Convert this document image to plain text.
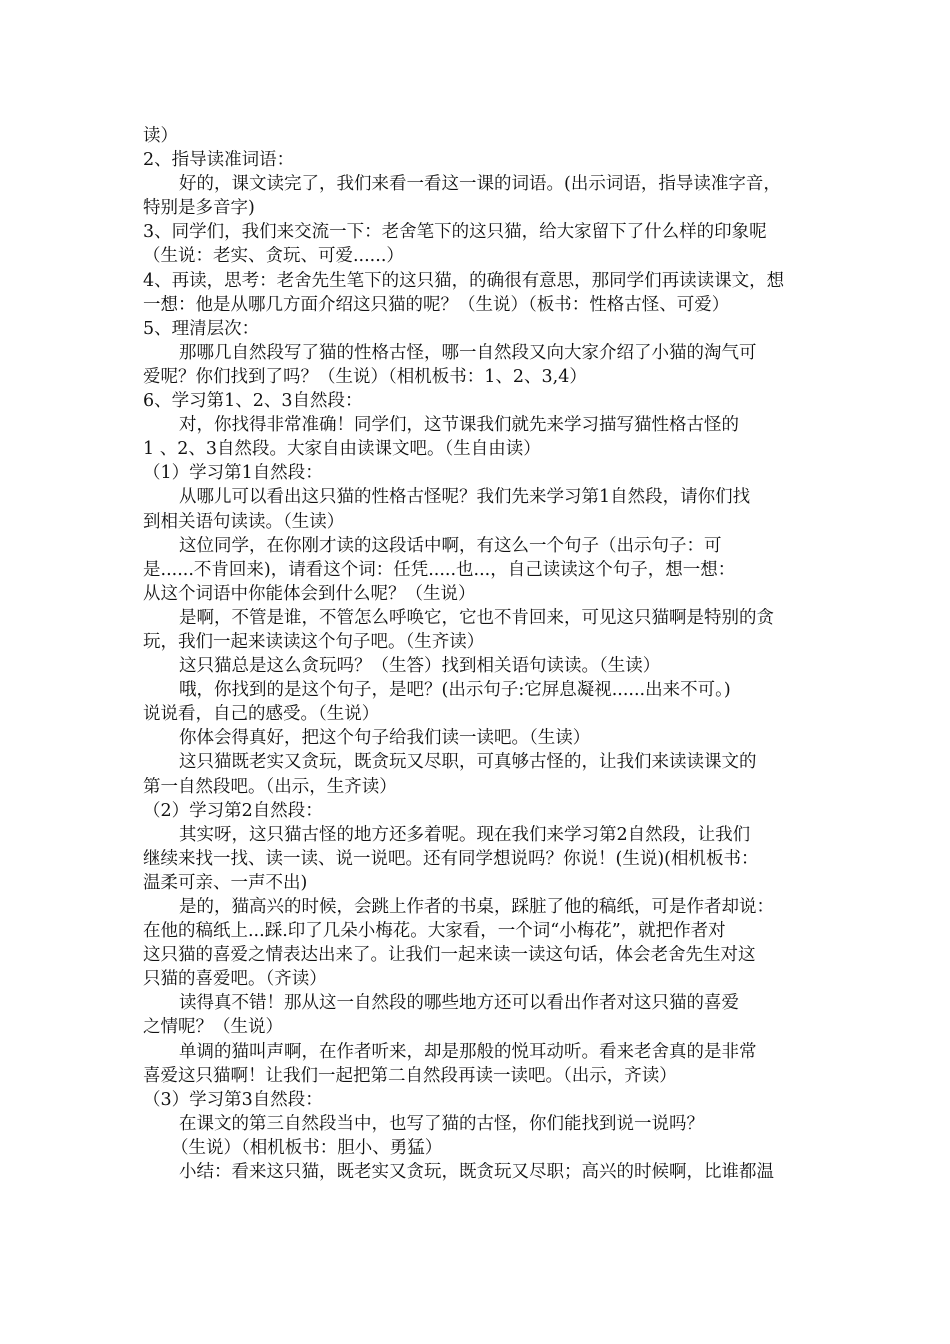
读）
2、指导读准词语：
好的，课文读完了，我们来看一看这一课的词语。(出示词语，指导读准字音，
特别是多音字)
3、同学们，我们来交流一下：老舍笔下的这只猫，给大家留下了什么样的印象呢
（生说：老实、贪玩、可爱......）
4、再读，思考：老舍先生笔下的这只猫，的确很有意思，那同学们再读读课文，想
一想：他是从哪几方面介绍这只猫的呢？（生说）（板书：性格古怪、可爱）
5、理清层次：
那哪几自然段写了猫的性格古怪，哪一自然段又向大家介绍了小猫的淘气可
爱呢？你们找到了吗？（生说）（相机板书：1、2、3,4）
6、学习第1、2、3自然段：
对，你找得非常准确！同学们，这节课我们就先来学习描写猫性格古怪的
1 、2、3自然段。大家自由读课文吧。（生自由读）
（1）学习第1自然段：
从哪儿可以看出这只猫的性格古怪呢？我们先来学习第1自然段，请你们找
到相关语句读读。（生读）
这位同学，在你刚才读的这段话中啊，有这么一个句子（出示句子：可
是......不肯回来)，请看这个词：任凭.....也...，自己读读这个句子，想一想：
从这个词语中你能体会到什么呢？（生说）
是啊，不管是谁，不管怎么呼唤它，它也不肯回来，可见这只猫啊是特别的贪
玩，我们一起来读读这个句子吧。（生齐读）
这只猫总是这么贪玩吗？（生答）找到相关语句读读。（生读）
哦，你找到的是这个句子，是吧？(出示句子:它屏息凝视......出来不可。)
说说看，自己的感受。（生说）
你体会得真好，把这个句子给我们读一读吧。（生读）
这只猫既老实又贪玩，既贪玩又尽职，可真够古怪的，让我们来读读课文的
第一自然段吧。（出示，生齐读）
（2）学习第2自然段：
其实呀，这只猫古怪的地方还多着呢。现在我们来学习第2自然段，让我们
继续来找一找、读一读、说一说吧。还有同学想说吗？你说！(生说)(相机板书：
温柔可亲、一声不出)
是的，猫高兴的时候，会跳上作者的书桌，踩脏了他的稿纸，可是作者却说：
在他的稿纸上...踩.印了几朵小梅花。大家看，一个词“小梅花”，就把作者对
这只猫的喜爱之情表达出来了。让我们一起来读一读这句话，体会老舍先生对这
只猫的喜爱吧。（齐读）
读得真不错！那从这一自然段的哪些地方还可以看出作者对这只猫的喜爱
之情呢？（生说）
单调的猫叫声啊，在作者听来，却是那般的悦耳动听。看来老舍真的是非常
喜爱这只猫啊！让我们一起把第二自然段再读一读吧。（出示，齐读）
（3）学习第3自然段：
在课文的第三自然段当中，也写了猫的古怪，你们能找到说一说吗？
（生说）（相机板书：胆小、勇猛）
小结：看来这只猫，既老实又贪玩，既贪玩又尽职；高兴的时候啊，比谁都温
